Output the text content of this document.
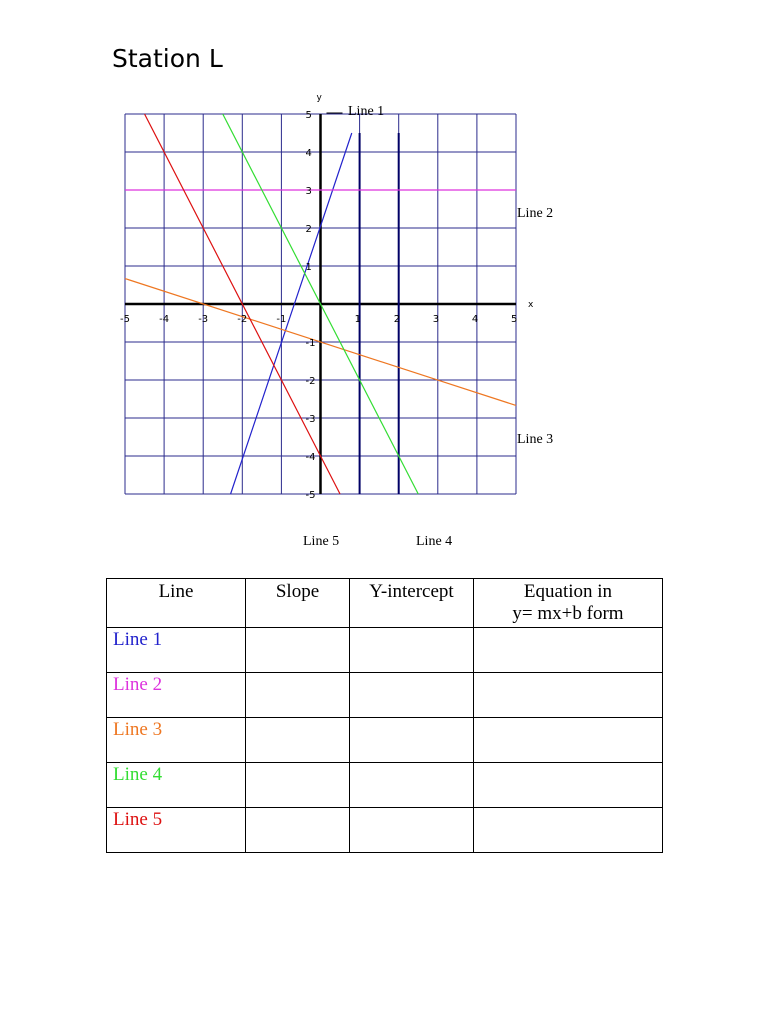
Station L
x
y
-5	-4	-3	-2	-1	1	2	3	4	5
5
4
3
2
1
-1
-2
-3
-4
-5
Line 1
Line 2
Line 3
Line 5	Line 4
Line	Slope	Y-intercept	Equation in
y= mx+b form

Line 1			
Line 2			
Line 3			
Line 4			
Line 5			
